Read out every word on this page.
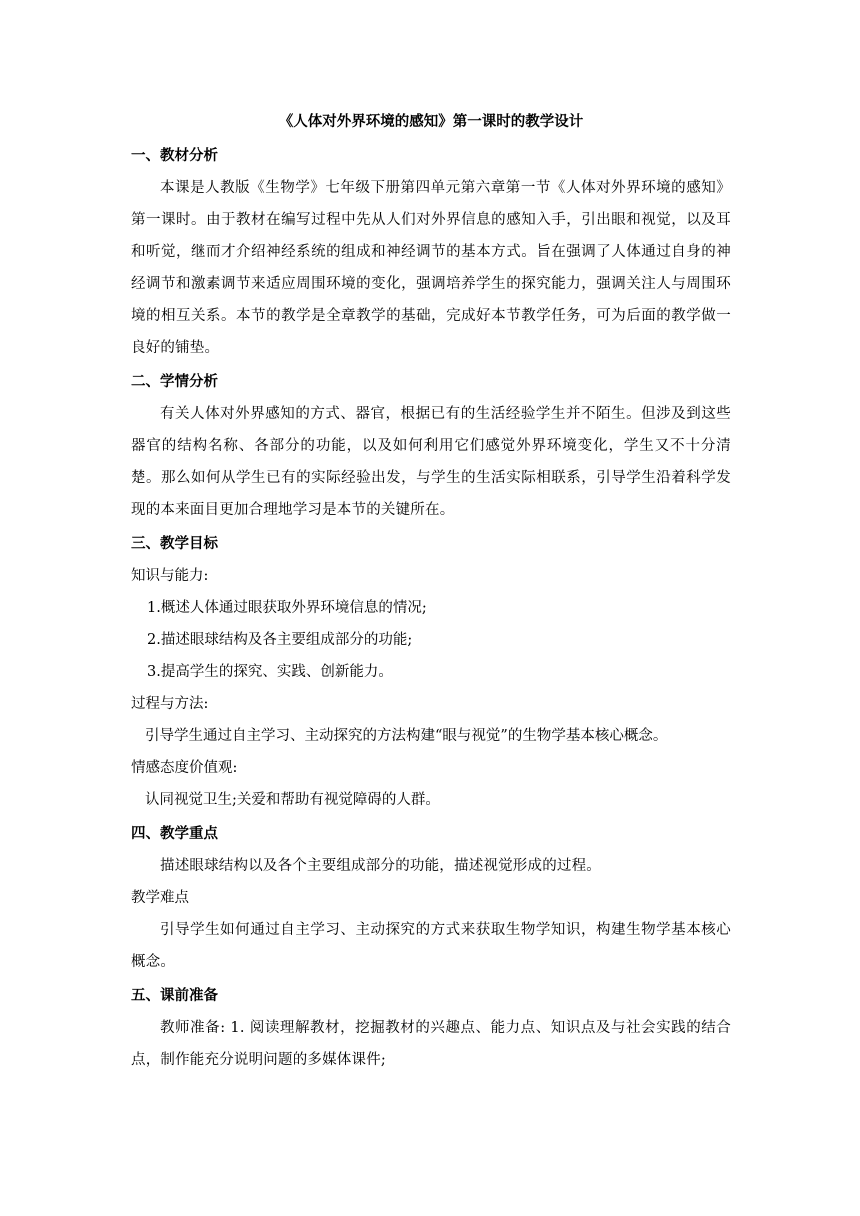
《人体对外界环境的感知》第一课时的教学设计
一、教材分析

本课是人教版《生物学》七年级下册第四单元第六章第一节《人体对外界环境的感知》第一课时。由于教材在编写过程中先从人们对外界信息的感知入手，引出眼和视觉，以及耳和听觉，继而才介绍神经系统的组成和神经调节的基本方式。旨在强调了人体通过自身的神经调节和激素调节来适应周围环境的变化，强调培养学生的探究能力，强调关注人与周围环境的相互关系。本节的教学是全章教学的基础，完成好本节教学任务，可为后面的教学做一良好的铺垫。

二、学情分析

有关人体对外界感知的方式、器官，根据已有的生活经验学生并不陌生。但涉及到这些器官的结构名称、各部分的功能，以及如何利用它们感觉外界环境变化，学生又不十分清楚。那么如何从学生已有的实际经验出发，与学生的生活实际相联系，引导学生沿着科学发现的本来面目更加合理地学习是本节的关键所在。

三、教学目标
知识与能力:
1.概述人体通过眼获取外界环境信息的情况;
2.描述眼球结构及各主要组成部分的功能;
3.提高学生的探究、实践、创新能力。
过程与方法:
引导学生通过自主学习、主动探究的方法构建“眼与视觉”的生物学基本核心概念。
情感态度价值观:
认同视觉卫生;关爱和帮助有视觉障碍的人群。
四、教学重点

描述眼球结构以及各个主要组成部分的功能，描述视觉形成的过程。

教学难点

引导学生如何通过自主学习、主动探究的方式来获取生物学知识，构建生物学基本核心概念。

五、课前准备

教师准备: 1. 阅读理解教材，挖掘教材的兴趣点、能力点、知识点及与社会实践的结合点，制作能充分说明问题的多媒体课件;
